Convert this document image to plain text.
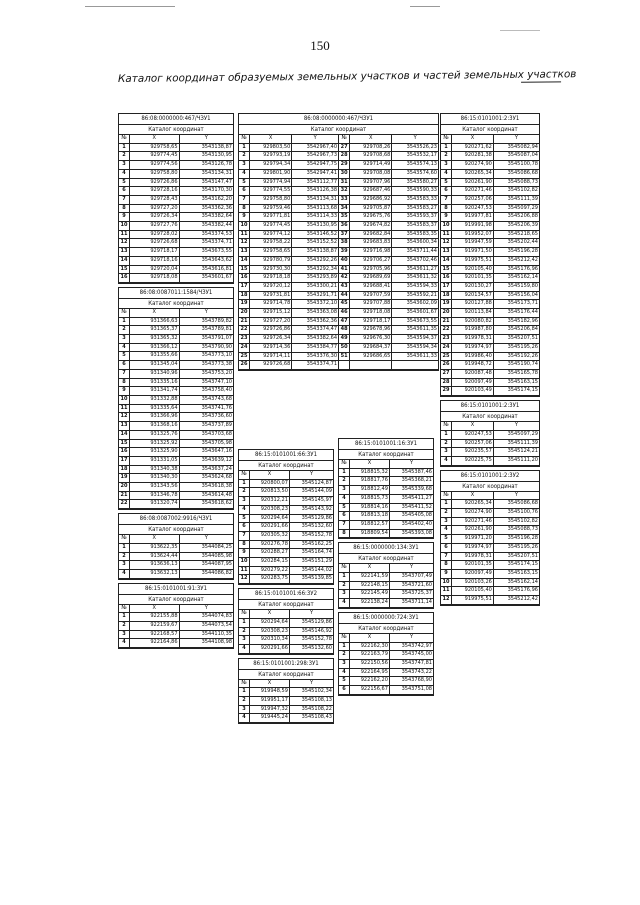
150
Каталог координат образуемых земельных участков и частей земельных участков
86:08:0000000:467/ЧЗУ1
Каталог координат
№	X	Y
1	929758,65	3543138,87
2	929774,45	3543130,95
3	929774,56	3543126,78
4	929758,80	3543134,31
5	929726,86	3543147,47
6	929728,16	3543170,30
7	929728,43	3543162,20
8	929727,20	3543362,36
9	929726,34	3543382,64
10	929727,76	3543382,44
11	929728,02	3543374,53
12	929726,68	3543374,71
13	929718,17	3543673,55
14	929718,16	3543643,62
15	929720,04	3543616,81
16	929718,08	3543601,67
86:08:0087011:1584/ЧЗУ1
Каталог координат
№	X	Y
1	931366,63	3543789,82
2	931365,37	3543789,81
3	931365,32	3543791,07
4	931366,12	3543790,90
5	931355,66	3543773,10
6	931345,04	3543773,38
7	931340,96	3543753,20
8	931335,16	3543747,10
9	931341,74	3543758,40
10	931332,88	3543743,68
11	931335,64	3543741,76
12	931366,96	3543736,60
13	931368,16	3543737,89
14	931325,76	3543703,68
15	931325,92	3543705,98
16	931325,90	3543647,16
17	931331,05	3543639,12
18	931340,38	3543637,24
19	931340,30	3543624,68
20	931343,56	3543618,38
21	931346,78	3543614,48
22	931320,74	3543618,62
86:08:0087002:9916/ЧЗУ1
Каталог координат
№	X	Y
1	913622,35	3544084,25
2	913624,44	3544085,98
3	913636,13	3544087,95
4	913632,13	3544086,82
86:15:0101001:91:3У1
Каталог координат
№	X	Y
1	922155,88	3544074,83
2	922159,67	3544073,54
3	922168,57	3544110,35
4	922164,86	3544108,98
86:08:0000000:467/ЧЗУ1
Каталог координат
№	X	Y	№	X	Y
1	929803,50	3542967,40	27	929708,26	3543526,23
2	929793,19	3542967,73	28	929708,68	3543532,17
3	929794,34	3542947,75	29	929714,49	3543574,13
4	929801,90	3542947,41	30	929708,08	3543574,60
5	929774,94	3543112,77	31	929707,96	3543580,27
6	929774,55	3543126,38	32	929687,46	3543590,33
7	929758,80	3543134,31	33	929686,92	3543583,33
8	929759,46	3543113,68	34	929705,87	3543583,27
9	929771,81	3543114,33	35	929675,76	3543593,37
10	929774,45	3543130,95	36	929674,82	3543583,37
11	929774,12	3543146,52	37	929682,84	3543583,35
12	929758,22	3543152,52	38	929683,83	3543600,34
13	929758,65	3543138,87	39	929716,98	3543711,44
14	929780,79	3543292,26	40	929706,27	3543702,46
15	929730,30	3543292,34	41	929705,96	3543611,27
16	929718,18	3543293,89	42	929689,69	3543611,32
17	929720,12	3543300,21	43	929688,41	3543594,33
18	929731,81	3543291,71	44	929707,59	3543592,21
19	929714,78	3543372,10	45	929707,88	3543602,09
20	929715,12	3543363,08	46	929718,08	3543601,67
21	929727,20	3543362,36	47	929718,17	3543673,55
22	929726,86	3543374,47	48	929678,96	3543611,35
23	929726,34	3543382,64	49	929676,30	3543594,37
24	929714,36	3543384,77	50	929684,37	3543594,34
25	929714,11	3543376,30	51	929686,65	3543611,33
26	929726,68	3543374,71			
86:15:0101001:66:3У1
Каталог координат
№	X	Y
1	920800,07	3545124,87
2	920813,50	3545144,09
3	920312,21	3545145,97
4	920308,23	3545143,92
5	920294,64	3545129,86
6	920291,66	3545132,60
7	920305,32	3545152,78
8	920276,78	3545162,25
9	920288,27	3545164,74
10	920284,15	3545151,29
11	920279,22	3545144,02
12	920283,75	3545139,85
86:15:0101001:66:3У2
Каталог координат
№	X	Y
1	920294,64	3545129,86
2	920308,23	3545146,92
3	920310,34	3545152,78
4	920291,66	3545132,60
86:15:0101001:298:3У1
Каталог координат
№	X	Y
1	919948,59	3545102,34
2	919951,17	3545108,13
3	919947,32	3545108,22
4	919445,24	3545108,43
86:15:0101001:16:3У1
Каталог координат
№	X	Y
1	918815,32	3545387,46
2	918817,76	3545368,21
3	918812,49	3545339,68
4	918815,73	3545411,27
5	918814,16	3545411,52
6	918813,18	3545405,08
7	918812,57	3545402,40
8	918809,54	3545393,08
86:15:0000000:134:3У1
Каталог координат
№	X	Y
1	922141,59	3543707,49
2	922148,15	3543721,60
3	922145,49	3543725,37
4	922138,24	3543711,14
86:15:0000000:724:3У1
Каталог координат
№	X	Y
1	922162,30	3543742,97
2	922163,79	3543745,00
3	922150,56	3543747,81
4	922164,95	3543743,22
5	922162,20	3543768,90
6	922156,67	3543751,08
86:15:0101001:2:3У1
Каталог координат
№	X	Y
1	920271,62	3545082,94
2	920281,38	3545087,04
3	920274,90	3545100,78
4	920265,34	3545086,68
5	920261,90	3545088,73
6	920271,46	3545102,82
7	920257,06	3545111,39
8	920247,53	3545097,29
9	919977,81	3545206,88
10	919991,98	3545206,39
11	919952,07	3545218,65
12	919947,59	3545202,44
13	919971,50	3545196,28
14	919975,51	3545212,42
15	920105,40	3545176,96
16	920101,35	3545162,14
17	920130,27	3545159,80
18	920134,57	3545156,04
19	920127,88	3545173,71
20	920113,84	3545176,44
21	920080,82	3545182,96
22	919987,80	3545206,84
23	919978,31	3545207,51
24	919974,97	3545195,26
25	919986,40	3545192,26
26	919948,72	3545190,74
27	920087,48	3545165,78
28	920097,49	3545163,15
29	920103,49	3545174,15
86:15:0101001:2:3У1
Каталог координат
№	X	Y
1	920247,53	3545097,29
2	920257,06	3545111,39
3	920235,57	3545124,21
4	920225,75	3545111,20
86:15:0101001:2:3У2
Каталог координат
№	X	Y
1	920265,34	3545086,68
2	920274,90	3545100,76
3	920271,46	3545102,82
4	920261,90	3545088,73
5	919971,20	3545196,28
6	919974,97	3545195,26
7	919978,31	3545207,51
8	920101,35	3545174,15
9	920097,49	3545163,15
10	920103,26	3545162,14
11	920105,40	3545176,96
12	919975,51	3545212,42
